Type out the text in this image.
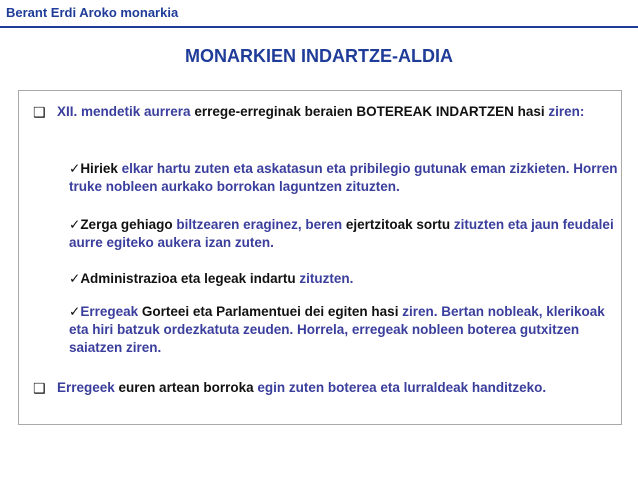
Berant Erdi Aroko monarkia
MONARKIEN INDARTZE-ALDIA
❑ XII. mendetik aurrera errege-erreginak beraien BOTEREAK INDARTZEN hasi ziren:
✓Hiriek elkar hartu zuten eta askatasun eta pribilegio gutunak eman zizkieten. Horren truke nobleen aurkako borrokan laguntzen zituzten.
✓Zerga gehiago biltzearen eraginez, beren ejertzitoak sortu zituzten eta jaun feudalei aurre egiteko aukera izan zuten.
✓Administrazioa eta legeak indartu zituzten.
✓Erregeak Gorteei eta Parlamentuei dei egiten hasi ziren. Bertan nobleak, klerikoak eta hiri batzuk ordezkatuta zeuden. Horrela, erregeak nobleen boterea gutxitzen saiatzen ziren.
❑ Erregeek euren artean borroka egin zuten boterea eta lurraldeak handitzeko.
